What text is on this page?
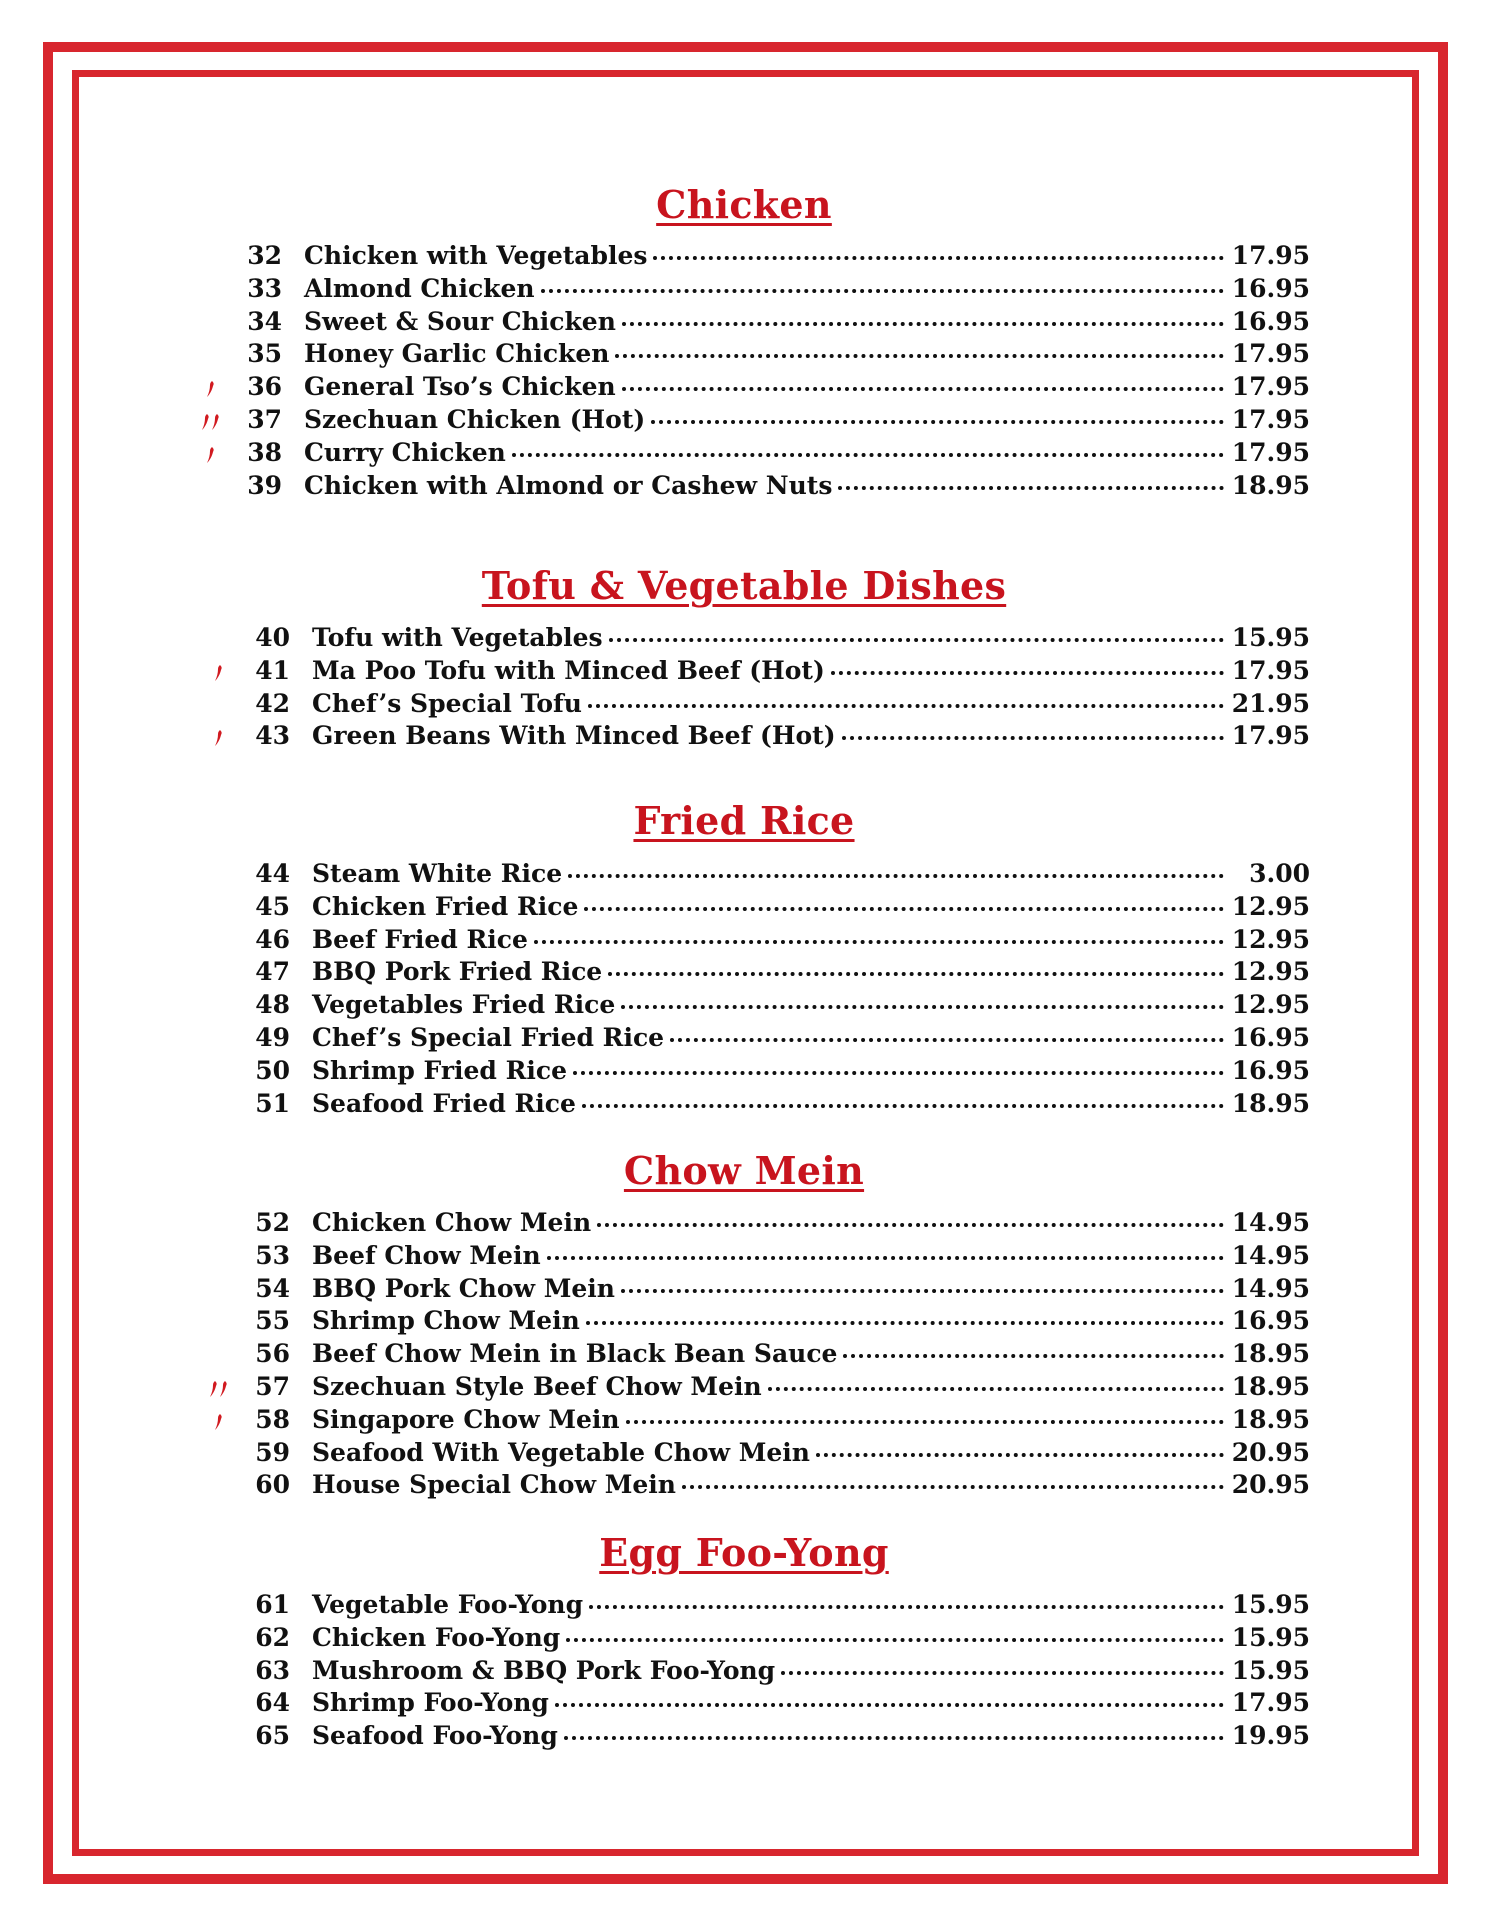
Chicken
32 Chicken with Vegetables	17.95
33 Almond Chicken	16.95
34 Sweet & Sour Chicken	16.95
35 Honey Garlic Chicken	17.95
36 General Tso’s Chicken	17.95
37 Szechuan Chicken (Hot)	17.95
38 Curry Chicken	17.95
39 Chicken with Almond or Cashew Nuts	18.95
Tofu & Vegetable Dishes
40 Tofu with Vegetables	15.95
41 Ma Poo Tofu with Minced Beef (Hot)	17.95
42 Chef’s Special Tofu	21.95
43 Green Beans With Minced Beef (Hot)	17.95
Fried Rice
44 Steam White Rice	3.00
45 Chicken Fried Rice	12.95
46 Beef Fried Rice	12.95
47 BBQ Pork Fried Rice	12.95
48 Vegetables Fried Rice	12.95
49 Chef’s Special Fried Rice	16.95
50 Shrimp Fried Rice	16.95
51 Seafood Fried Rice	18.95
Chow Mein
52 Chicken Chow Mein	14.95
53 Beef Chow Mein	14.95
54 BBQ Pork Chow Mein	14.95
55 Shrimp Chow Mein	16.95
56 Beef Chow Mein in Black Bean Sauce	18.95
57 Szechuan Style Beef Chow Mein	18.95
58 Singapore Chow Mein	18.95
59 Seafood With Vegetable Chow Mein	20.95
60 House Special Chow Mein	20.95
Egg Foo-Yong
61 Vegetable Foo-Yong	15.95
62 Chicken Foo-Yong	15.95
63 Mushroom & BBQ Pork Foo-Yong	15.95
64 Shrimp Foo-Yong	17.95
65 Seafood Foo-Yong	19.95
